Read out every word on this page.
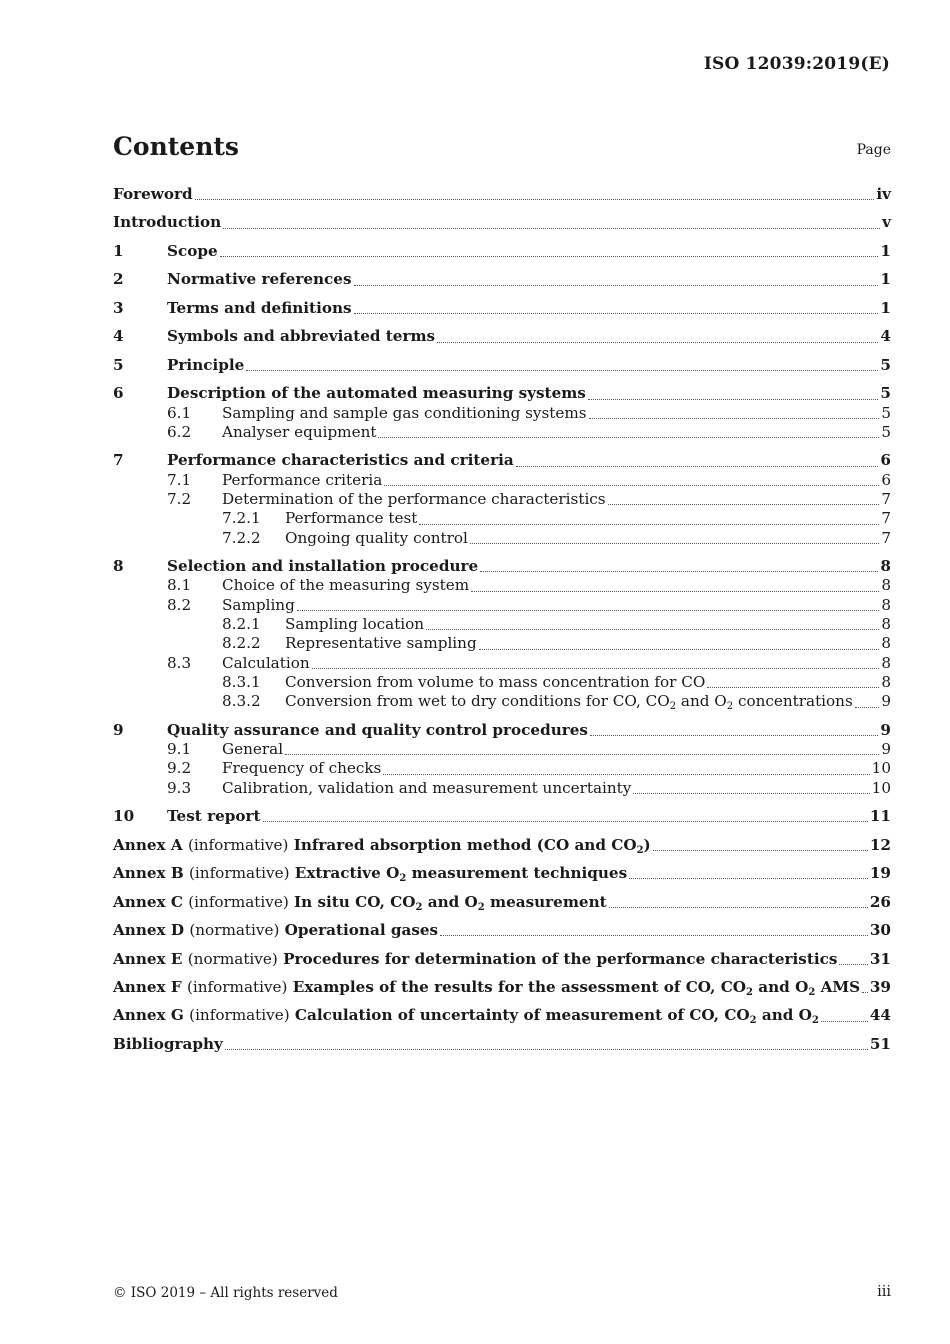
ISO 12039:2019(E)
Contents	Page
Foreword	iv
Introduction	v
1	Scope	1
2	Normative references	1
3	Terms and definitions	1
4	Symbols and abbreviated terms	4
5	Principle	5
6	Description of the automated measuring systems	5
6.1	Sampling and sample gas conditioning systems	5
6.2	Analyser equipment	5
7	Performance characteristics and criteria	6
7.1	Performance criteria	6
7.2	Determination of the performance characteristics	7
7.2.1	Performance test	7
7.2.2	Ongoing quality control	7
8	Selection and installation procedure	8
8.1	Choice of the measuring system	8
8.2	Sampling	8
8.2.1	Sampling location	8
8.2.2	Representative sampling	8
8.3	Calculation	8
8.3.1	Conversion from volume to mass concentration for CO	8
8.3.2	Conversion from wet to dry conditions for CO, $CO_2$ and $O_2$ concentrations 9
9	Quality assurance and quality control procedures	9
9.1	General	9
9.2	Frequency of checks	10
9.3	Calibration, validation and measurement uncertainty	10
10	Test report	11
Annex A (informative) Infrared absorption method (CO and $CO_2$)	12
Annex B (informative) Extractive $O_2$ measurement techniques	19
Annex C (informative) In situ CO, $CO_2$ and $O_2$ measurement	26
Annex D (normative) Operational gases	30
Annex E (normative) Procedures for determination of the performance characteristics 31
Annex F (informative) Examples of the results for the assessment of CO, $CO_2$ and $O_2$ AMS 39
Annex G (informative) Calculation of uncertainty of measurement of CO, $CO_2$ and $O_2$	44
Bibliography	51
© ISO 2019 – All rights reserved	iii
